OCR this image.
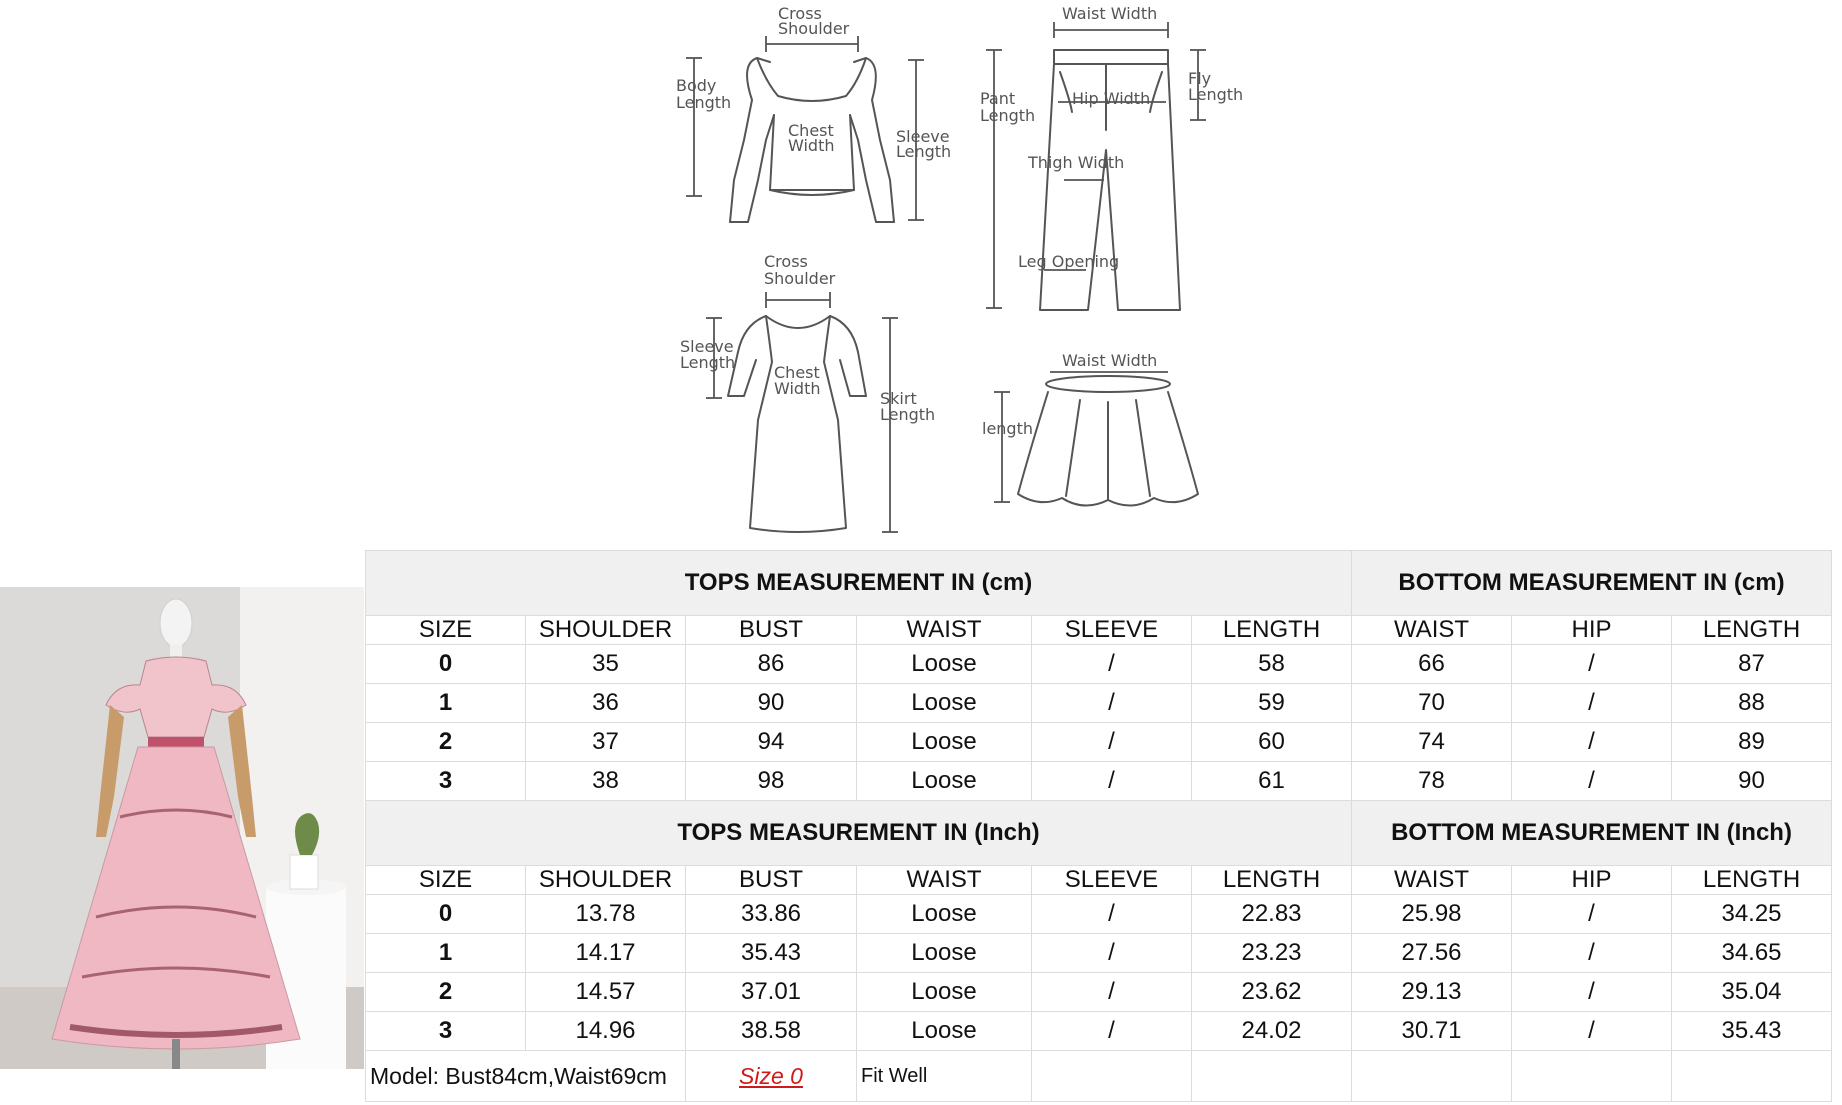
Cross
Shoulder
Body
Length
Chest
Width	Sleeve
Length
Waist Width
Pant
Length
Hip Width
Fly
Length
Thigh Width
Leg Opening
Cross
Shoulder
Sleeve
Length
Chest
Width
Skirt
Length
Waist Width
length
TOPS MEASUREMENT IN (cm)						BOTTOM MEASUREMENT IN (cm)		
SIZE	SHOULDER	BUST	WAIST	SLEEVE	LENGTH	WAIST	HIP	LENGTH
0	35	86	Loose	/	58	66	/	87
1	36	90	Loose	/	59	70	/	88
2	37	94	Loose	/	60	74	/	89
3	38	98	Loose	/	61	78	/	90
TOPS MEASUREMENT IN (Inch)						BOTTOM MEASUREMENT IN (Inch)		
SIZE	SHOULDER	BUST	WAIST	SLEEVE	LENGTH	WAIST	HIP	LENGTH
0	13.78	33.86	Loose	/	22.83	25.98	/	34.25
1	14.17	35.43	Loose	/	23.23	27.56	/	34.65
2	14.57	37.01	Loose	/	23.62	29.13	/	35.04
3	14.96	38.58	Loose	/	24.02	30.71	/	35.43
Model: Bust84cm,Waist69cm		Size 0	Fit Well					
